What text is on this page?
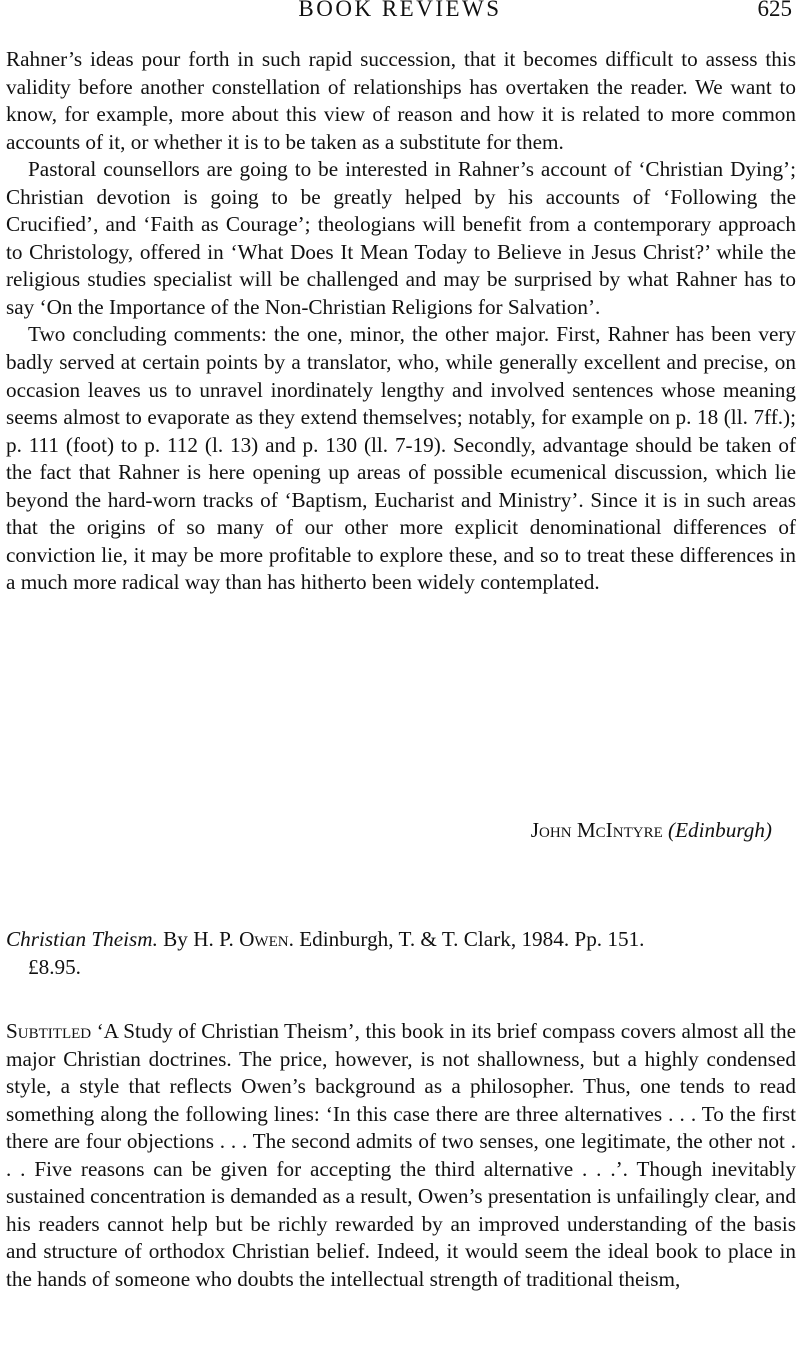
BOOK REVIEWS	625

Rahner’s ideas pour forth in such rapid succession, that it becomes difficult to assess this validity before another constellation of relationships has overtaken the reader. We want to know, for example, more about this view of reason and how it is related to more common accounts of it, or whether it is to be taken as a substitute for them.

Pastoral counsellors are going to be interested in Rahner’s account of ‘Christian Dying’; Christian devotion is going to be greatly helped by his accounts of ‘Following the Crucified’, and ‘Faith as Courage’; theologians will benefit from a contemporary approach to Christology, offered in ‘What Does It Mean Today to Believe in Jesus Christ?’ while the religious studies specialist will be challenged and may be surprised by what Rahner has to say ‘On the Importance of the Non-Christian Religions for Salvation’.

Two concluding comments: the one, minor, the other major. First, Rahner has been very badly served at certain points by a translator, who, while generally excellent and precise, on occasion leaves us to unravel inordinately lengthy and involved sentences whose meaning seems almost to evaporate as they extend themselves; notably, for example on p. 18 (ll. 7ff.); p. 111 (foot) to p. 112 (l. 13) and p. 130 (ll. 7-19). Secondly, advantage should be taken of the fact that Rahner is here opening up areas of possible ecumenical discussion, which lie beyond the hard-worn tracks of ‘Baptism, Eucharist and Ministry’. Since it is in such areas that the origins of so many of our other more explicit denominational differences of conviction lie, it may be more profitable to explore these, and so to treat these differences in a much more radical way than has hitherto been widely contemplated.

John McIntyre (Edinburgh)

Christian Theism. By H. P. Owen. Edinburgh, T. & T. Clark, 1984. Pp. 151.

£8.95.

Subtitled ‘A Study of Christian Theism’, this book in its brief compass covers almost all the major Christian doctrines. The price, however, is not shallowness, but a highly condensed style, a style that reflects Owen’s background as a philosopher. Thus, one tends to read something along the following lines: ‘In this case there are three alternatives . . . To the first there are four objections . . . The second admits of two senses, one legitimate, the other not . . . Five reasons can be given for accepting the third alternative . . .’. Though inevitably sustained concentration is demanded as a result, Owen’s presentation is unfailingly clear, and his readers cannot help but be richly rewarded by an improved understanding of the basis and structure of orthodox Christian belief. Indeed, it would seem the ideal book to place in the hands of someone who doubts the intellectual strength of traditional theism,
